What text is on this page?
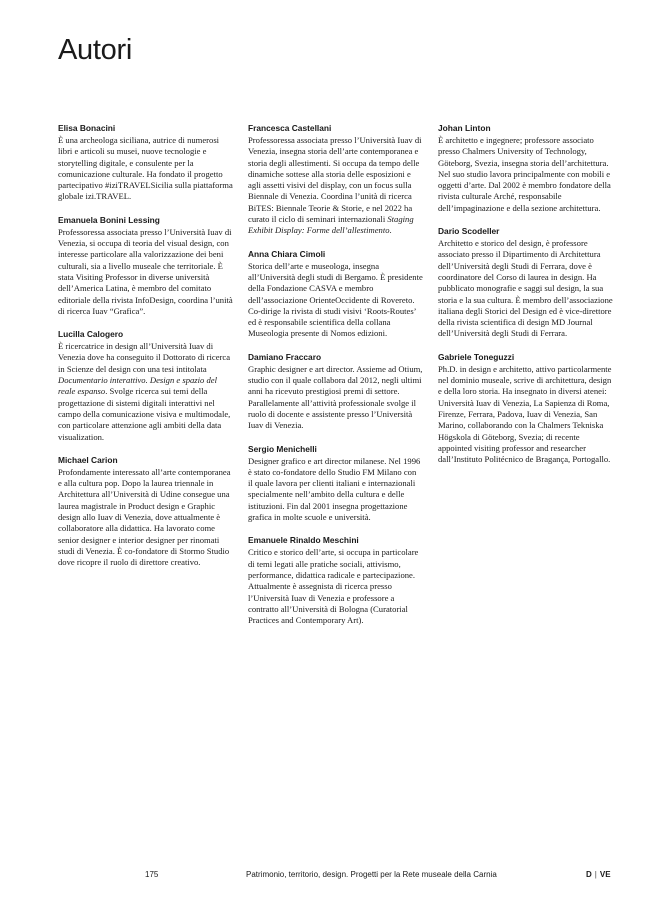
Autori

Elisa Bonacini

È una archeologa siciliana, autrice di numerosi libri e articoli su musei, nuove tecnologie e storytelling digitale, e consulente per la comunicazione culturale. Ha fondato il progetto partecipativo #iziTRAVELSicilia sulla piattaforma globale izi.TRAVEL.

Emanuela Bonini Lessing

Professoressa associata presso l’Università Iuav di Venezia, si occupa di teoria del visual design, con interesse particolare alla valorizzazione dei beni culturali, sia a livello museale che territoriale. È stata Visiting Professor in diverse università dell’America Latina, è membro del comitato editoriale della rivista InfoDesign, coordina l’unità di ricerca Iuav “Grafica”.

Lucilla Calogero

È ricercatrice in design all’Università Iuav di Venezia dove ha conseguito il Dottorato di ricerca in Scienze del design con una tesi intitolata Documentario interattivo. Design e spazio del reale espanso. Svolge ricerca sui temi della progettazione di sistemi digitali interattivi nel campo della comunicazione visiva e multimodale, con particolare attenzione agli ambiti della data visualization.

Michael Carion

Profondamente interessato all’arte contemporanea e alla cultura pop. Dopo la laurea triennale in Architettura all’Università di Udine consegue una laurea magistrale in Product design e Graphic design allo Iuav di Venezia, dove attualmente è collaboratore alla didattica. Ha lavorato come senior designer e interior designer per rinomati studi di Venezia. È co-fondatore di Stormo Studio dove ricopre il ruolo di direttore creativo.

Francesca Castellani

Professoressa associata presso l’Università Iuav di Venezia, insegna storia dell’arte contemporanea e storia degli allestimenti. Si occupa da tempo delle dinamiche sottese alla storia delle esposizioni e agli assetti visivi del display, con un focus sulla Biennale di Venezia. Coordina l’unità di ricerca BiTES: Biennale Teorie & Storie, e nel 2022 ha curato il ciclo di seminari internazionali Staging Exhibit Display: Forme dell’allestimento.

Anna Chiara Cimoli

Storica dell’arte e museologa, insegna all’Università degli studi di Bergamo. È presidente della Fondazione CASVA e membro dell’associazione OrienteOccidente di Rovereto. Co-dirige la rivista di studi visivi ‘Roots-Routes’ ed è responsabile scientifica della collana Museologia presente di Nomos edizioni.

Damiano Fraccaro

Graphic designer e art director. Assieme ad Otium, studio con il quale collabora dal 2012, negli ultimi anni ha ricevuto prestigiosi premi di settore. Parallelamente all’attività professionale svolge il ruolo di docente e assistente presso l’Università Iuav di Venezia.

Sergio Menichelli

Designer grafico e art director milanese. Nel 1996 è stato co-fondatore dello Studio FM Milano con il quale lavora per clienti italiani e internazionali specialmente nell’ambito della cultura e delle istituzioni. Fin dal 2001 insegna progettazione grafica in molte scuole e università.

Emanuele Rinaldo Meschini

Critico e storico dell’arte, si occupa in particolare di temi legati alle pratiche sociali, attivismo, performance, didattica radicale e partecipazione. Attualmente è assegnista di ricerca presso l’Università Iuav di Venezia e professore a contratto all’Università di Bologna (Curatorial Practices and Contemporary Art).

Johan Linton

È architetto e ingegnere; professore associato presso Chalmers University of Technology, Göteborg, Svezia, insegna storia dell’architettura. Nel suo studio lavora principalmente con mobili e oggetti d’arte. Dal 2002 è membro fondatore della rivista culturale Arché, responsabile dell’impaginazione e della sezione architettura.

Dario Scodeller

Architetto e storico del design, è professore associato presso il Dipartimento di Architettura dell’Università degli Studi di Ferrara, dove è coordinatore del Corso di laurea in design. Ha pubblicato monografie e saggi sul design, la sua storia e la sua cultura. È membro dell’associazione italiana degli Storici del Design ed è vice-direttore della rivista scientifica di design MD Journal dell’Università degli Studi di Ferrara.

Gabriele Toneguzzi

Ph.D. in design e architetto, attivo particolarmente nel dominio museale, scrive di architettura, design e della loro storia. Ha insegnato in diversi atenei: Università Iuav di Venezia, La Sapienza di Roma, Firenze, Ferrara, Padova, Iuav di Venezia, San Marino, collaborando con la Chalmers Tekniska Högskola di Göteborg, Svezia; di recente appointed visiting professor and researcher dall’Instituto Politécnico de Bragança, Portogallo.

175	Patrimonio, territorio, design. Progetti per la Rete museale della Carnia	D | VE
